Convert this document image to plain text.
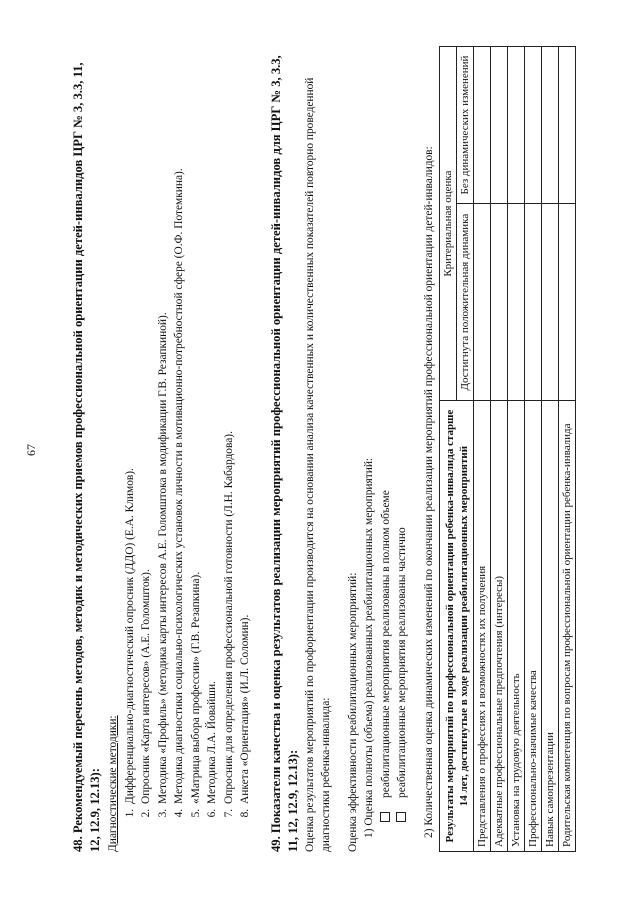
67	48. Рекомендуемый перечень методов, методик и методических приемов профессиональной ориентации детей-инвалидов ЦРГ № 3, 3.3, 11, 12, 12.9, 12.13): Диагностические методики: 1. Дифференциально-диагностический опросник (ДДО) (Е.А. Климов). 2. Опросник «Карта интересов» (А.Е. Голомшток). 3. Методика «Профиль» (методика карты интересов А.Е. Голомштока в модификации Г.В. Резапкиной). 4. Методика диагностики социально-психологических установок личности в мотивационно-потребностной сфере (О.Ф. Потемкина). 5. «Матрица выбора профессии» (Г.В. Резапкина). 6. Методика Л.А. Йовайши. 7. Опросник для определения профессиональной готовности (Л.Н. Кабардова). 8. Анкета «Ориентация» (И.Л. Соломин). 49. Показатели качества и оценка результатов реализации мероприятий профессиональной ориентации детей-инвалидов для ЦРГ № 3, 3.3, 11, 12, 12.9, 12.13): Оценка результатов мероприятий по профориентации производится на основании анализа качественных и количественных показателей повторно проведенной диагностики ребенка-инвалида: Оценка эффективности реабилитационных мероприятий: 1) Оценка полноты (объема) реализованных реабилитационных мероприятий: реабилитационные мероприятия реализованы в полном объеме реабилитационные мероприятия реализованы частично 2) Количественная оценка динамических изменений по окончании реализации мероприятий профессиональной ориентации детей-инвалидов: Результаты мероприятий по профессиональной ориентации ребенка-инвалида старше 14 лет, достигнутые в ходе реализации реабилитационных мероприятий	Критериальная оценка	
	Достигнута положительная динамика	Без динамических изменений
Представления о профессиях и возможностях их получения		
Адекватные профессиональные предпочтения (интересы)		
Установка на трудовую деятельность		
Профессионально-значимые качества		
Навык самопрезентации		
Родительская компетенция по вопросам профессиональной ориентации ребенка-инвалида		
